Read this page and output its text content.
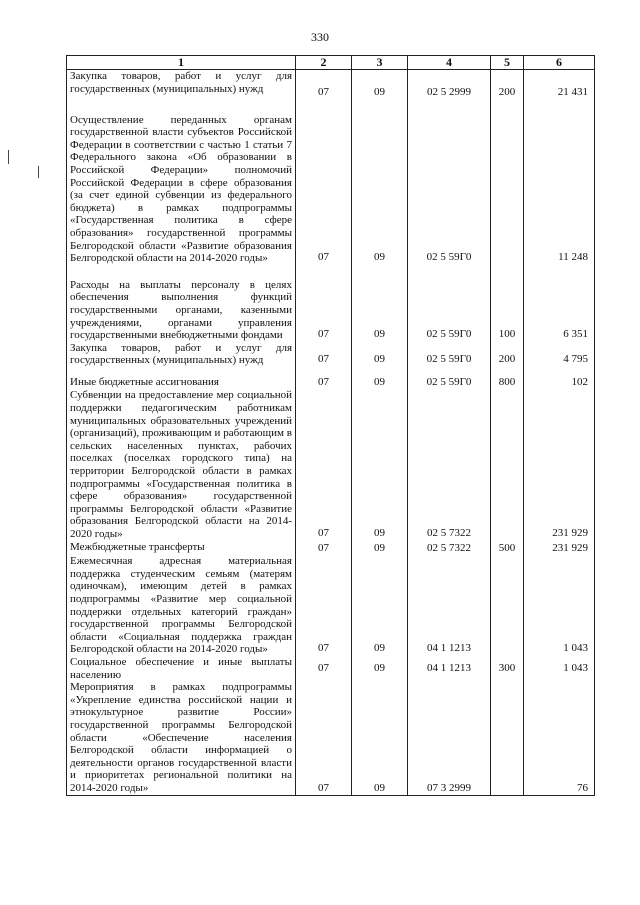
330
1	2	3	4	5	6
Закупка товаров, работ и услуг для государственных (муниципальных) нужд	07	09	02 5 2999	200	21 431
Осуществление переданных органам государственной власти субъектов Российской Федерации в соответствии с частью 1 статьи 7 Федерального закона «Об образовании в Российской Федерации» полномочий Российской Федерации в сфере образования (за счет единой субвенции из федерального бюджета) в рамках подпрограммы «Государственная политика в сфере образования» государственной программы Белгородской области «Развитие образования Белгородской области на 2014-2020 годы»	07	09	02 5 59Г0		11 248
Расходы на выплаты персоналу в целях обеспечения выполнения функций государственными органами, казенными учреждениями, органами управления государственными внебюджетными фондами	07	09	02 5 59Г0	100	6 351
Закупка товаров, работ и услуг для государственных (муниципальных) нужд	07	09	02 5 59Г0	200	4 795
Иные бюджетные ассигнования	07	09	02 5 59Г0	800	102
Субвенции на предоставление мер социальной поддержки педагогическим работникам муниципальных образовательных учреждений (организаций), проживающим и работающим в сельских населенных пунктах, рабочих поселках (поселках городского типа) на территории Белгородской области в рамках подпрограммы «Государственная политика в сфере образования» государственной программы Белгородской области «Развитие образования Белгородской области на 2014-2020 годы»	07	09	02 5 7322		231 929
Межбюджетные трансферты	07	09	02 5 7322	500	231 929
Ежемесячная адресная материальная поддержка студенческим семьям (матерям одиночкам), имеющим детей в рамках подпрограммы «Развитие мер социальной поддержки отдельных категорий граждан» государственной программы Белгородской области «Социальная поддержка граждан Белгородской области на 2014-2020 годы»	07	09	04 1 1213		1 043
Социальное обеспечение и иные выплаты населению	07	09	04 1 1213	300	1 043
Мероприятия в рамках подпрограммы «Укрепление единства российской нации и этнокультурное развитие России» государственной программы Белгородской области «Обеспечение населения Белгородской области информацией о деятельности органов государственной власти и приоритетах региональной политики на 2014-2020 годы»	07	09	07 3 2999		76
